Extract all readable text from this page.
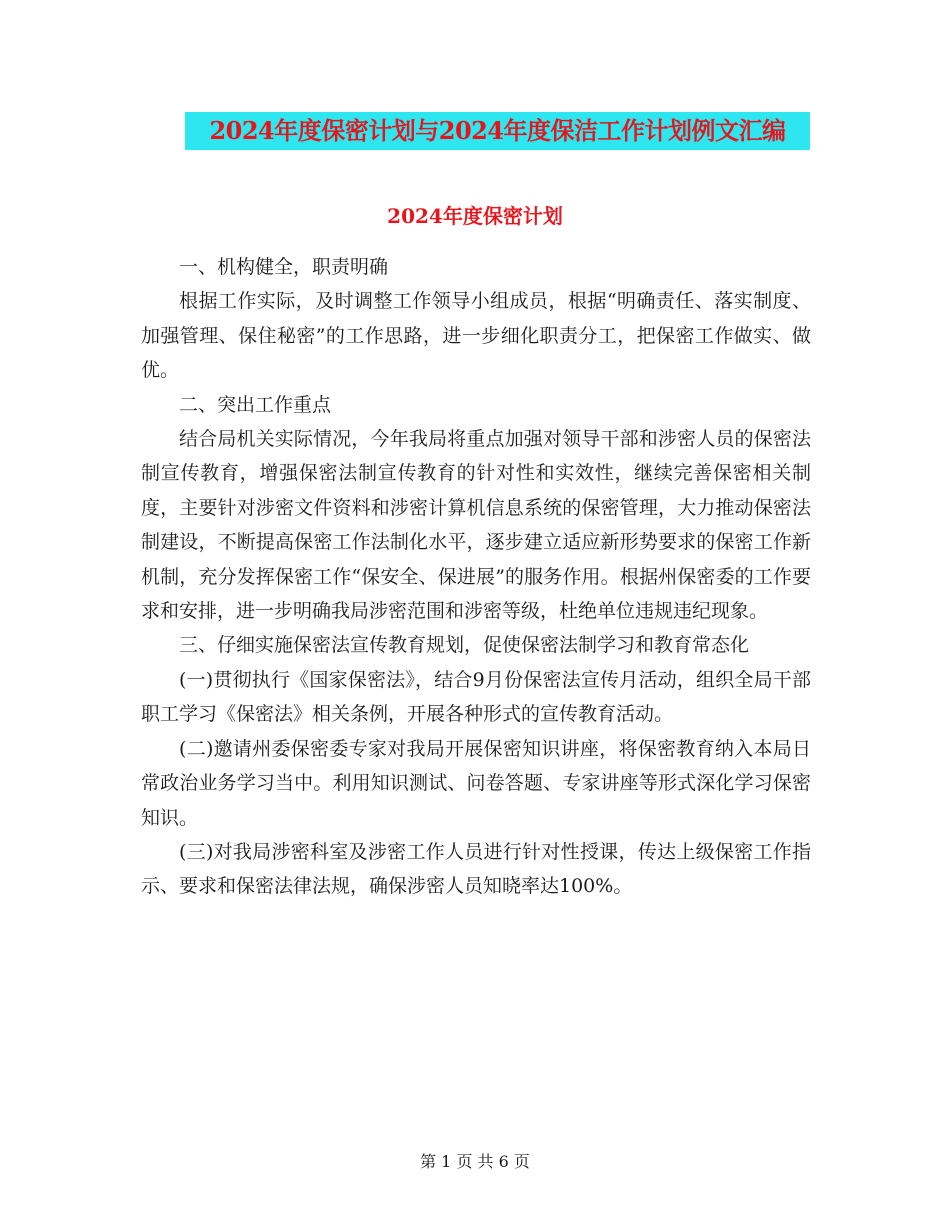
2024年度保密计划与2024年度保洁工作计划例文汇编
2024年度保密计划

一、机构健全，职责明确

根据工作实际，及时调整工作领导小组成员，根据“明确责任、落实制度、加强管理、保住秘密”的工作思路，进一步细化职责分工，把保密工作做实、做优。

二、突出工作重点

结合局机关实际情况，今年我局将重点加强对领导干部和涉密人员的保密法制宣传教育，增强保密法制宣传教育的针对性和实效性，继续完善保密相关制度，主要针对涉密文件资料和涉密计算机信息系统的保密管理，大力推动保密法制建设，不断提高保密工作法制化水平，逐步建立适应新形势要求的保密工作新机制，充分发挥保密工作“保安全、保进展”的服务作用。根据州保密委的工作要求和安排，进一步明确我局涉密范围和涉密等级，杜绝单位违规违纪现象。

三、仔细实施保密法宣传教育规划，促使保密法制学习和教育常态化

(一)贯彻执行《国家保密法》，结合9月份保密法宣传月活动，组织全局干部职工学习《保密法》相关条例，开展各种形式的宣传教育活动。

(二)邀请州委保密委专家对我局开展保密知识讲座，将保密教育纳入本局日常政治业务学习当中。利用知识测试、问卷答题、专家讲座等形式深化学习保密知识。

(三)对我局涉密科室及涉密工作人员进行针对性授课，传达上级保密工作指示、要求和保密法律法规，确保涉密人员知晓率达100%。

第 1 页 共 6 页
